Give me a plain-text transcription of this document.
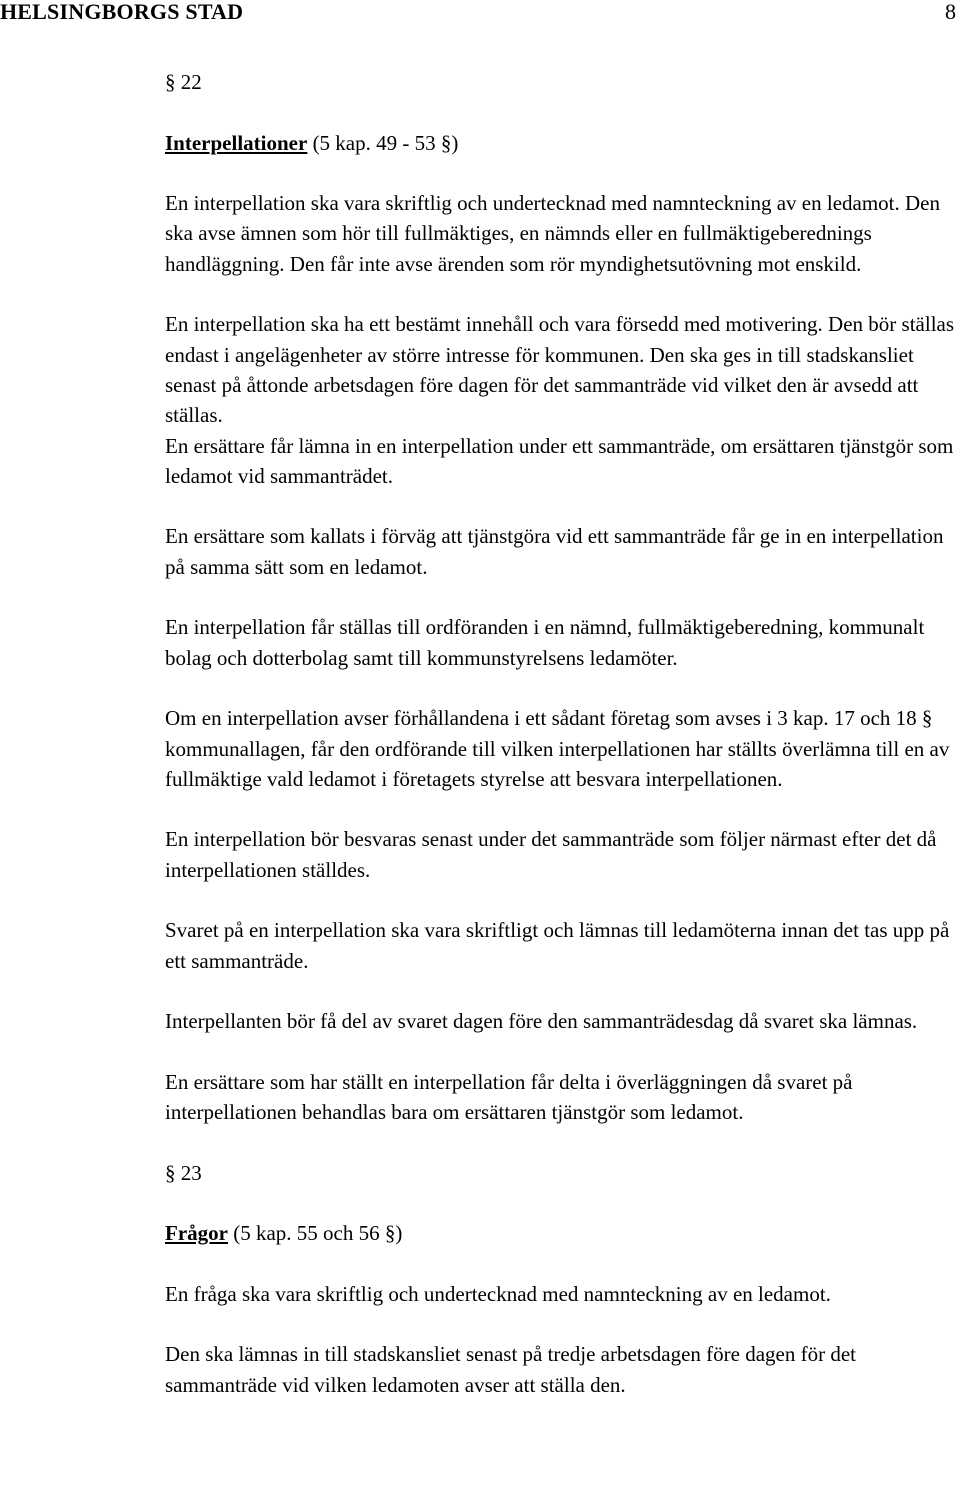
HELSINGBORGS STAD	8

§ 22

Interpellationer (5 kap. 49 - 53 §)

En interpellation ska vara skriftlig och undertecknad med namnteckning av en ledamot. Den ska avse ämnen som hör till fullmäktiges, en nämnds eller en fullmäktigeberednings handläggning. Den får inte avse ärenden som rör myndighetsutövning mot enskild.

En interpellation ska ha ett bestämt innehåll och vara försedd med motivering. Den bör ställas endast i angelägenheter av större intresse för kommunen. Den ska ges in till stadskansliet senast på åttonde arbetsdagen före dagen för det sammanträde vid vilket den är avsedd att ställas.

En ersättare får lämna in en interpellation under ett sammanträde, om ersättaren tjänstgör som ledamot vid sammanträdet.

En ersättare som kallats i förväg att tjänstgöra vid ett sammanträde får ge in en interpellation på samma sätt som en ledamot.

En interpellation får ställas till ordföranden i en nämnd, fullmäktigeberedning, kommunalt bolag och dotterbolag samt till kommunstyrelsens ledamöter.

Om en interpellation avser förhållandena i ett sådant företag som avses i 3 kap. 17 och 18 § kommunallagen, får den ordförande till vilken interpellationen har ställts överlämna till en av fullmäktige vald ledamot i företagets styrelse att besvara interpellationen.

En interpellation bör besvaras senast under det sammanträde som följer närmast efter det då interpellationen ställdes.

Svaret på en interpellation ska vara skriftligt och lämnas till ledamöterna innan det tas upp på ett sammanträde.

Interpellanten bör få del av svaret dagen före den sammanträdesdag då svaret ska lämnas.

En ersättare som har ställt en interpellation får delta i överläggningen då svaret på interpellationen behandlas bara om ersättaren tjänstgör som ledamot.

§ 23

Frågor (5 kap. 55 och 56 §)

En fråga ska vara skriftlig och undertecknad med namnteckning av en ledamot.

Den ska lämnas in till stadskansliet senast på tredje arbetsdagen före dagen för det sammanträde vid vilken ledamoten avser att ställa den.
